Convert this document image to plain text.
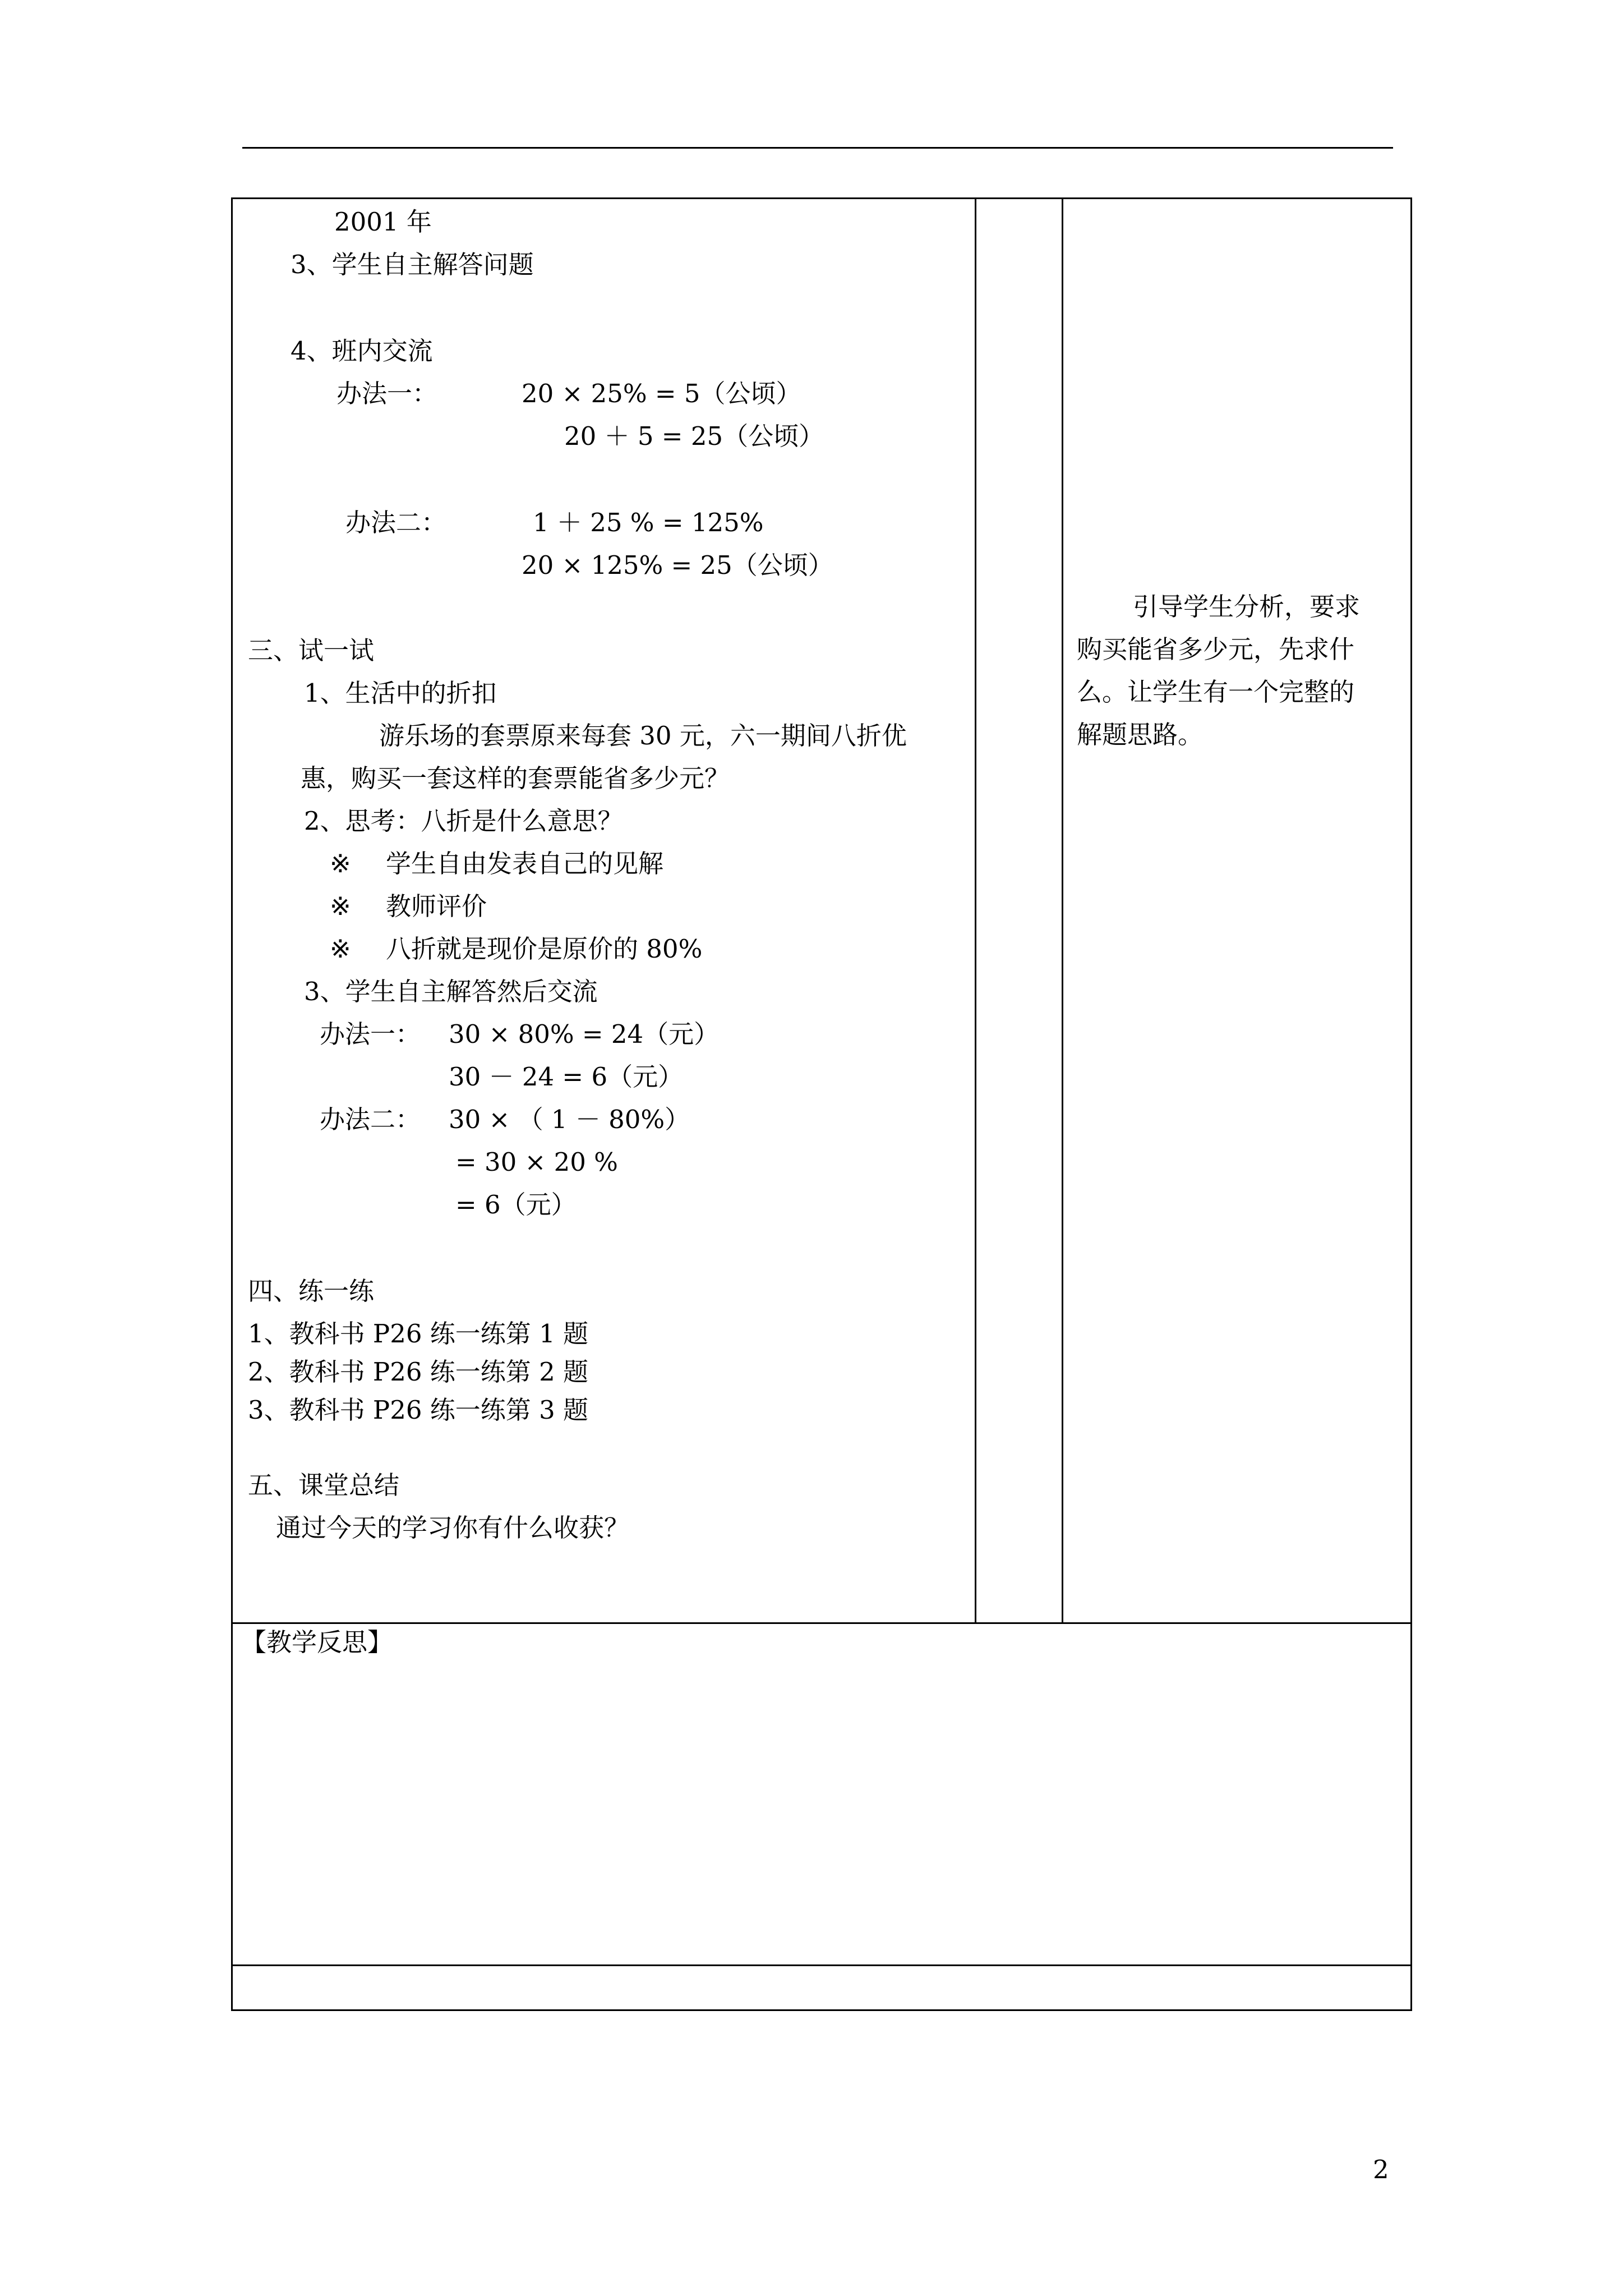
2001 年
3、学生自主解答问题
4、班内交流
办法一：	20 × 25% = 5（公顷）
20 ＋ 5 = 25（公顷）
办法二：	1 ＋ 25 % = 125%
20 × 125% = 25（公顷）
三、试一试
1、生活中的折扣
游乐场的套票原来每套 30 元，六一期间八折优
惠，购买一套这样的套票能省多少元？
2、思考：八折是什么意思？
※ 学生自由发表自己的见解
※ 教师评价
※ 八折就是现价是原价的 80%
3、学生自主解答然后交流
办法一： 30 × 80% = 24（元）
30 － 24 = 6（元）
办法二： 30 × （ 1 － 80%）
= 30 × 20 %
= 6（元）
四、练一练
1、教科书 P26 练一练第 1 题
2、教科书 P26 练一练第 2 题
3、教科书 P26 练一练第 3 题
五、课堂总结
通过今天的学习你有什么收获？
引导学生分析，要求
购买能省多少元，先求什
么。让学生有一个完整的
解题思路。
【教学反思】
2
